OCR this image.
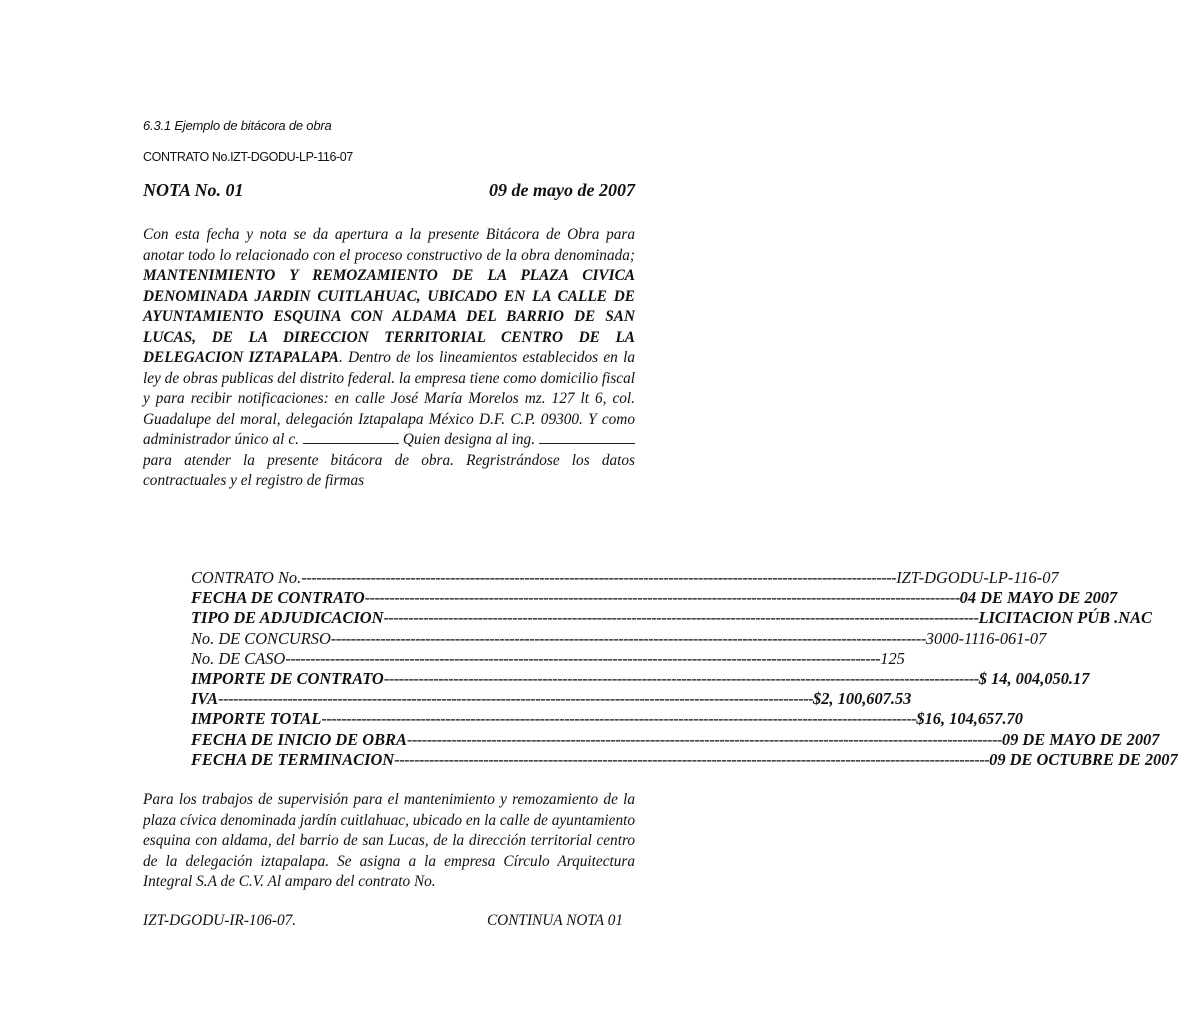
6.3.1 Ejemplo de bitácora de obra
CONTRATO No.IZT-DGODU-LP-116-07
NOTA No. 01	09 de mayo de 2007

Con esta fecha y nota se da apertura a la presente Bitácora de Obra para anotar todo lo relacionado con el proceso constructivo de la obra denominada; MANTENIMIENTO Y REMOZAMIENTO DE LA PLAZA CIVICA DENOMINADA JARDIN CUITLAHUAC, UBICADO EN LA CALLE DE AYUNTAMIENTO ESQUINA CON ALDAMA DEL BARRIO DE SAN LUCAS, DE LA DIRECCION TERRITORIAL CENTRO DE LA DELEGACION IZTAPALAPA. Dentro de los lineamientos establecidos en la ley de obras publicas del distrito federal. la empresa tiene como domicilio fiscal y para recibir notificaciones: en calle José María Morelos mz. 127 lt 6, col. Guadalupe del moral, delegación Iztapalapa México D.F. C.P. 09300. Y como administrador único al c.	Quien designa al ing.  para atender la presente bitácora de obra. Regristrándose los datos contractuales y el registro de firmas

CONTRATO No. ------------------------------------------------------------------------------------------------------------------------ IZT-DGODU-LP-116-07
FECHA DE CONTRATO ------------------------------------------------------------------------------------------------------------------------ 04 DE MAYO DE 2007
TIPO DE ADJUDICACION ------------------------------------------------------------------------------------------------------------------------ LICITACION PÚB .NAC
No. DE CONCURSO ------------------------------------------------------------------------------------------------------------------------ 3000-1116-061-07
No. DE CASO ------------------------------------------------------------------------------------------------------------------------ 125
IMPORTE DE CONTRATO ------------------------------------------------------------------------------------------------------------------------ $ 14, 004,050.17
IVA ------------------------------------------------------------------------------------------------------------------------ $2, 100,607.53
IMPORTE TOTAL ------------------------------------------------------------------------------------------------------------------------ $16, 104,657.70
FECHA DE INICIO DE OBRA ------------------------------------------------------------------------------------------------------------------------ 09 DE MAYO DE 2007
FECHA DE TERMINACION ------------------------------------------------------------------------------------------------------------------------ 09 DE OCTUBRE DE 2007

Para los trabajos de supervisión para el mantenimiento y remozamiento de la plaza cívica denominada jardín cuitlahuac, ubicado en la calle de ayuntamiento esquina con aldama, del barrio de san Lucas, de la dirección territorial centro de la delegación iztapalapa. Se asigna a la empresa Círculo Arquitectura Integral S.A de C.V. Al amparo del contrato No.

IZT-DGODU-IR-106-07.	CONTINUA NOTA 01
